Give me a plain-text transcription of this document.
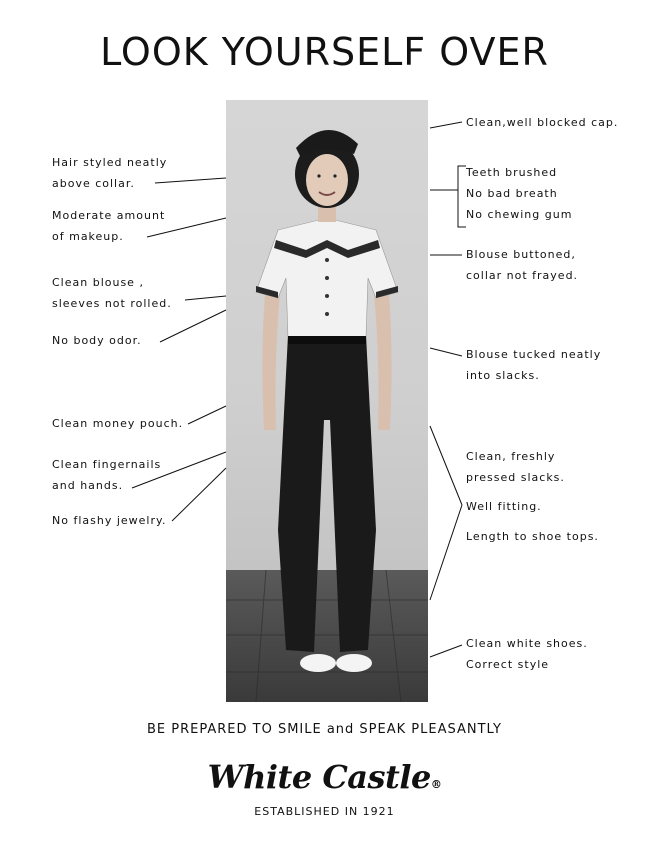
LOOK YOURSELF OVER
Hair styled neatly
above collar.
Moderate amount
of makeup.
Clean blouse ,
sleeves not rolled.
No body odor.
Clean money pouch.
Clean fingernails
and hands.
No flashy jewelry.
Clean,well blocked cap.
Teeth brushed
No bad breath
No chewing gum
Blouse buttoned,
collar not frayed.
Blouse tucked neatly
into slacks.
Clean, freshly
pressed slacks.
Well fitting.
Length to shoe tops.
Clean white shoes.
Correct style
BE PREPARED TO SMILE and SPEAK PLEASANTLY
White Castle®
ESTABLISHED IN 1921
